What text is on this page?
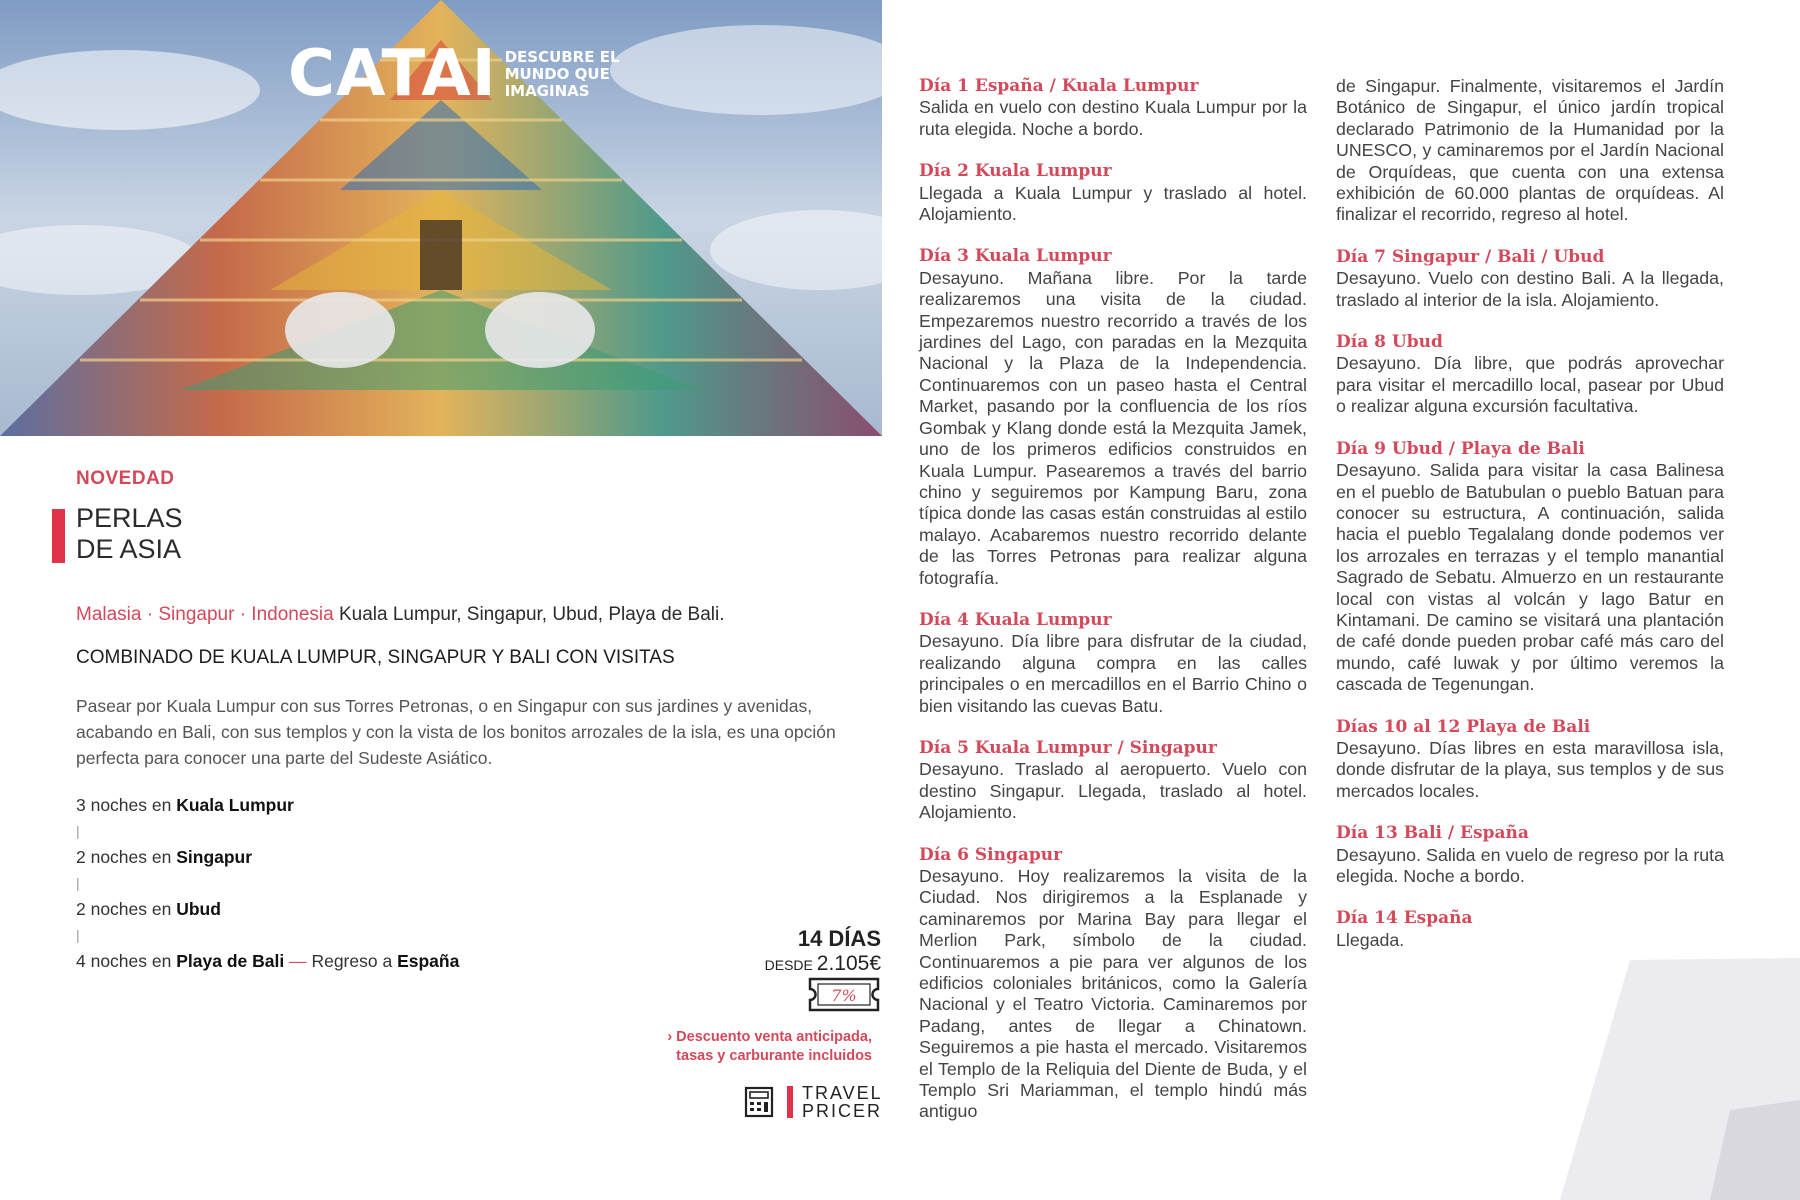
CATAI DESCUBRE EL MUNDO QUE IMAGINAS
NOVEDAD
PERLAS
DE ASIA
Malasia · Singapur · Indonesia Kuala Lumpur, Singapur, Ubud, Playa de Bali.
COMBINADO DE KUALA LUMPUR, SINGAPUR Y BALI CON VISITAS
Pasear por Kuala Lumpur con sus Torres Petronas, o en Singapur con sus jardines y avenidas, acabando en Bali, con sus templos y con la vista de los bonitos arrozales de la isla, es una opción perfecta para conocer una parte del Sudeste Asiático.
3 noches en Kuala Lumpur
|
2 noches en Singapur
|
2 noches en Ubud
|
4 noches en Playa de Bali — Regreso a España
14 DÍAS
DESDE 2.105€
7%
› Descuento venta anticipada,
tasas y carburante incluidos
TRAVEL
PRICER
Día 1 España / Kuala Lumpur
Salida en vuelo con destino Kuala Lumpur por la ruta elegida. Noche a bordo.
Día 2 Kuala Lumpur
Llegada a Kuala Lumpur y traslado al hotel. Alojamiento.
Día 3 Kuala Lumpur
Desayuno. Mañana libre. Por la tarde realizaremos una visita de la ciudad. Empezaremos nuestro recorrido a través de los jardines del Lago, con paradas en la Mezquita Nacional y la Plaza de la Independencia. Continuaremos con un paseo hasta el Central Market, pasando por la confluencia de los ríos Gombak y Klang donde está la Mezquita Jamek, uno de los primeros edificios construidos en Kuala Lumpur. Pasearemos a través del barrio chino y seguiremos por Kampung Baru, zona típica donde las casas están construidas al estilo malayo. Acabaremos nuestro recorrido delante de las Torres Petronas para realizar alguna fotografía.
Día 4 Kuala Lumpur
Desayuno. Día libre para disfrutar de la ciudad, realizando alguna compra en las calles principales o en mercadillos en el Barrio Chino o bien visitando las cuevas Batu.
Día 5 Kuala Lumpur / Singapur
Desayuno. Traslado al aeropuerto. Vuelo con destino Singapur. Llegada, traslado al hotel. Alojamiento.
Día 6 Singapur
Desayuno. Hoy realizaremos la visita de la Ciudad. Nos dirigiremos a la Esplanade y caminaremos por Marina Bay para llegar el Merlion Park, símbolo de la ciudad. Continuaremos a pie para ver algunos de los edificios coloniales británicos, como la Galería Nacional y el Teatro Victoria. Caminaremos por Padang, antes de llegar a Chinatown. Seguiremos a pie hasta el mercado. Visitaremos el Templo de la Reliquia del Diente de Buda, y el Templo Sri Mariamman, el templo hindú más antiguo
de Singapur. Finalmente, visitaremos el Jardín Botánico de Singapur, el único jardín tropical declarado Patrimonio de la Humanidad por la UNESCO, y caminaremos por el Jardín Nacional de Orquídeas, que cuenta con una extensa exhibición de 60.000 plantas de orquídeas. Al finalizar el recorrido, regreso al hotel.
Día 7 Singapur / Bali / Ubud
Desayuno. Vuelo con destino Bali. A la llegada, traslado al interior de la isla. Alojamiento.
Día 8 Ubud
Desayuno. Día libre, que podrás aprovechar para visitar el mercadillo local, pasear por Ubud o realizar alguna excursión facultativa.
Día 9 Ubud / Playa de Bali
Desayuno. Salida para visitar la casa Balinesa en el pueblo de Batubulan o pueblo Batuan para conocer su estructura, A continuación, salida hacia el pueblo Tegalalang donde podemos ver los arrozales en terrazas y el templo manantial Sagrado de Sebatu. Almuerzo en un restaurante local con vistas al volcán y lago Batur en Kintamani. De camino se visitará una plantación de café donde pueden probar café más caro del mundo, café luwak y por último veremos la cascada de Tegenungan.
Días 10 al 12 Playa de Bali
Desayuno. Días libres en esta maravillosa isla, donde disfrutar de la playa, sus templos y de sus mercados locales.
Día 13 Bali / España
Desayuno. Salida en vuelo de regreso por la ruta elegida. Noche a bordo.
Día 14 España
Llegada.
